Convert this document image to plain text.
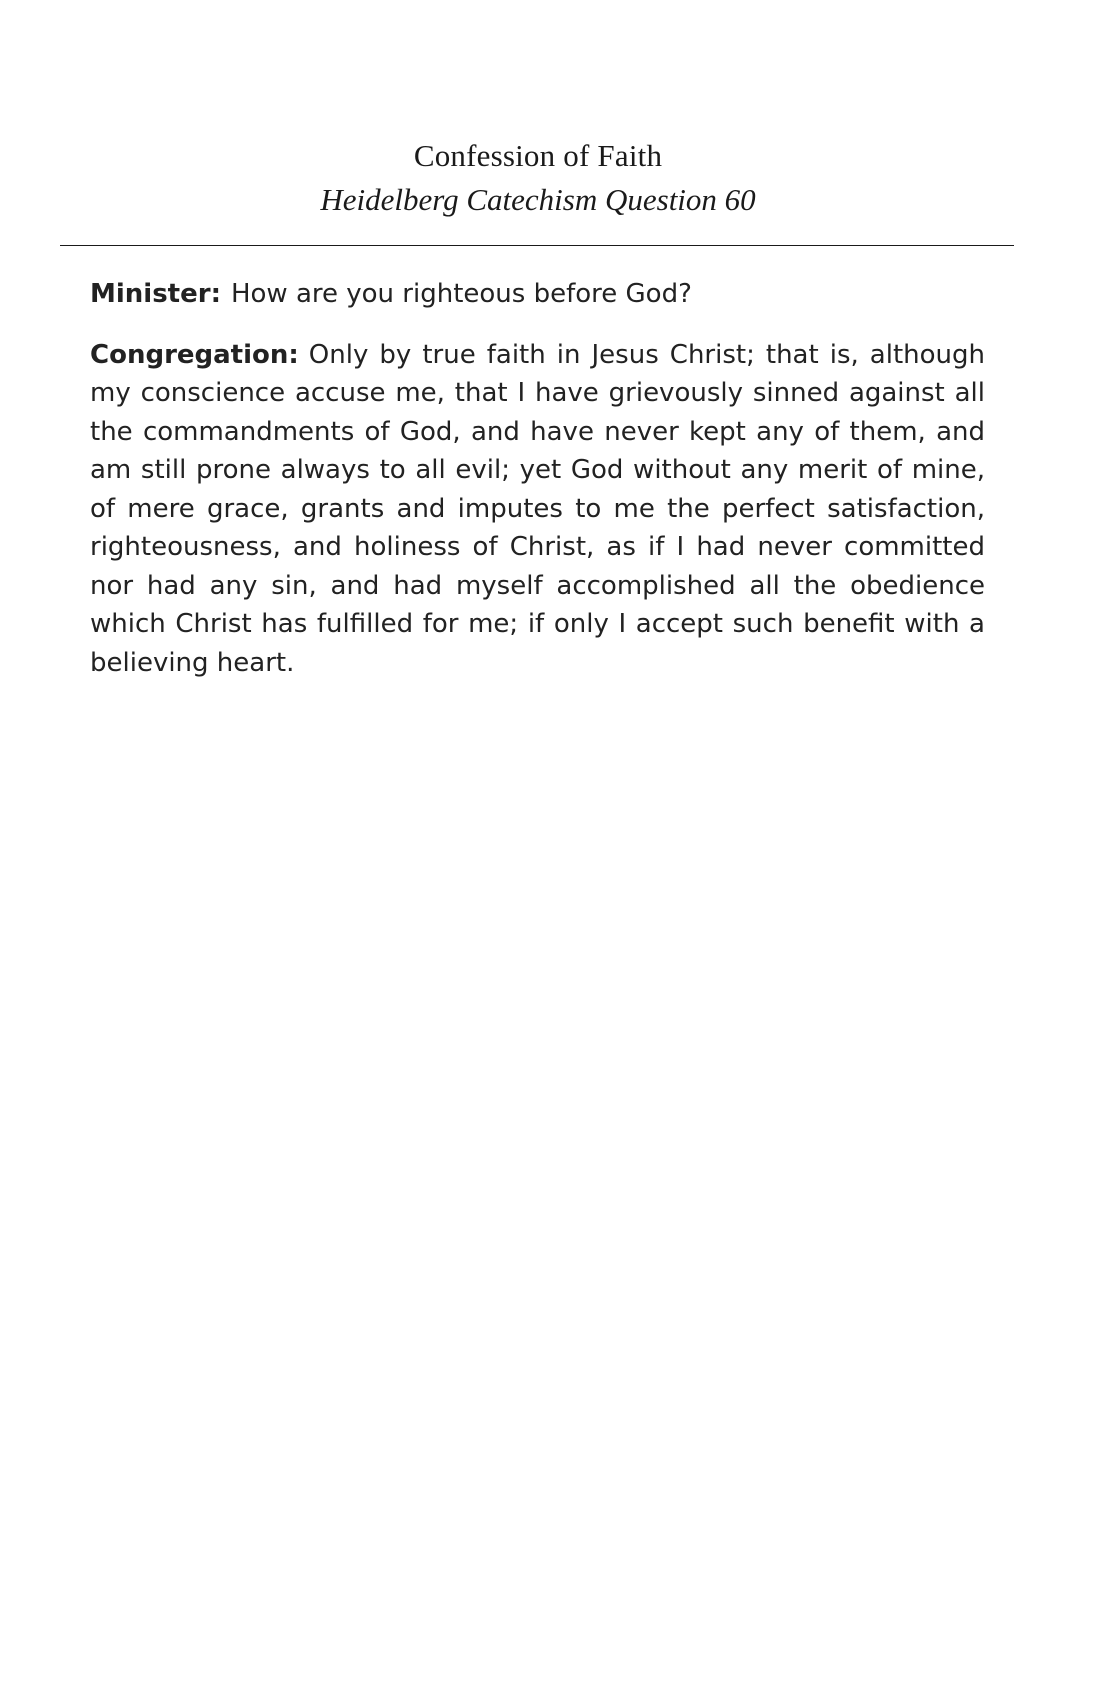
Confession of Faith
Heidelberg Catechism Question 60

Minister: How are you righteous before God?

Congregation: Only by true faith in Jesus Christ; that is, although my conscience accuse me, that I have grievously sinned against all the commandments of God, and have never kept any of them, and am still prone always to all evil; yet God without any merit of mine, of mere grace, grants and imputes to me the perfect satisfaction, righteousness, and holiness of Christ, as if I had never committed nor had any sin, and had myself accomplished all the obedience which Christ has fulfilled for me; if only I accept such benefit with a believing heart.
